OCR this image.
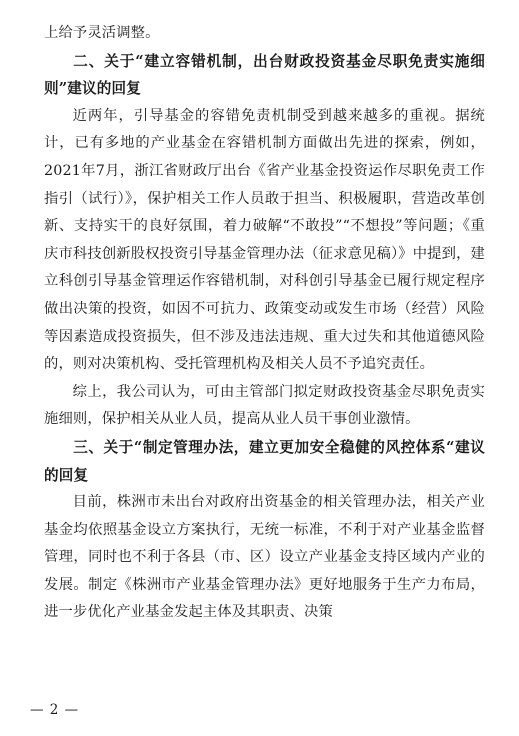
上给予灵活调整。

二、关于“建立容错机制，出台财政投资基金尽职免责实施细则”建议的回复

近两年，引导基金的容错免责机制受到越来越多的重视。据统计，已有多地的产业基金在容错机制方面做出先进的探索，例如，2021年7月，浙江省财政厅出台《省产业基金投资运作尽职免责工作指引（试行）》，保护相关工作人员敢于担当、积极履职，营造改革创新、支持实干的良好氛围，着力破解“不敢投”“不想投”等问题；《重庆市科技创新股权投资引导基金管理办法（征求意见稿）》中提到，建立科创引导基金管理运作容错机制，对科创引导基金已履行规定程序做出决策的投资，如因不可抗力、政策变动或发生市场（经营）风险等因素造成投资损失，但不涉及违法违规、重大过失和其他道德风险的，则对决策机构、受托管理机构及相关人员不予追究责任。

综上，我公司认为，可由主管部门拟定财政投资基金尽职免责实施细则，保护相关从业人员，提高从业人员干事创业激情。

三、关于“制定管理办法，建立更加安全稳健的风控体系“建议的回复

目前，株洲市未出台对政府出资基金的相关管理办法，相关产业基金均依照基金设立方案执行，无统一标准，不利于对产业基金监督管理，同时也不利于各县（市、区）设立产业基金支持区域内产业的发展。制定《株洲市产业基金管理办法》更好地服务于生产力布局，进一步优化产业基金发起主体及其职责、决策

— 2 —
